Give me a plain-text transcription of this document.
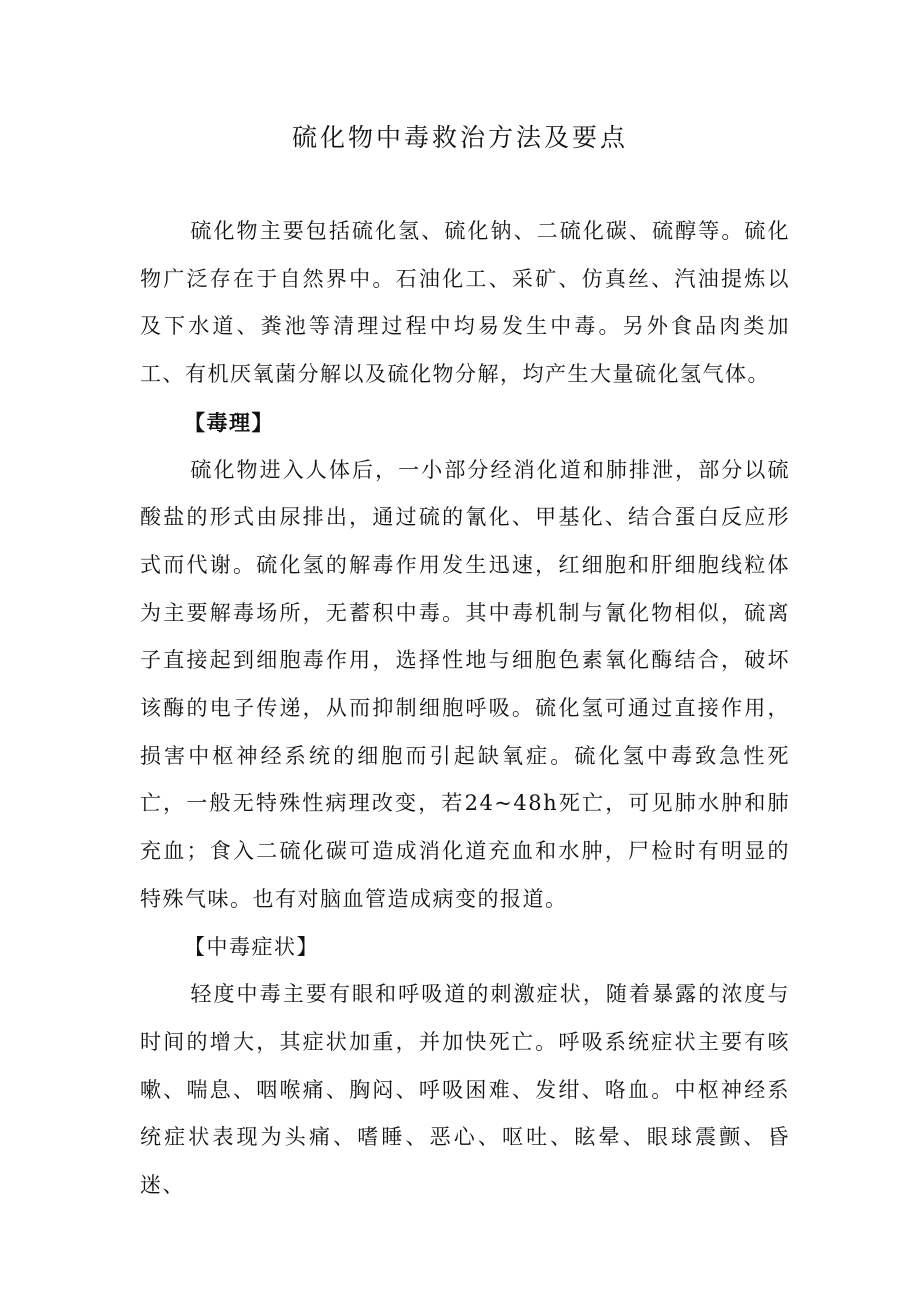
硫化物中毒救治方法及要点

硫化物主要包括硫化氢、硫化钠、二硫化碳、硫醇等。硫化物广泛存在于自然界中。石油化工、采矿、仿真丝、汽油提炼以及下水道、粪池等清理过程中均易发生中毒。另外食品肉类加工、有机厌氧菌分解以及硫化物分解，均产生大量硫化氢气体。

【毒理】

硫化物进入人体后，一小部分经消化道和肺排泄，部分以硫酸盐的形式由尿排出，通过硫的氰化、甲基化、结合蛋白反应形式而代谢。硫化氢的解毒作用发生迅速，红细胞和肝细胞线粒体为主要解毒场所，无蓄积中毒。其中毒机制与氰化物相似，硫离子直接起到细胞毒作用，选择性地与细胞色素氧化酶结合，破坏该酶的电子传递，从而抑制细胞呼吸。硫化氢可通过直接作用，损害中枢神经系统的细胞而引起缺氧症。硫化氢中毒致急性死亡，一般无特殊性病理改变，若24~48h死亡，可见肺水肿和肺充血；食入二硫化碳可造成消化道充血和水肿，尸检时有明显的特殊气味。也有对脑血管造成病变的报道。

【中毒症状】

轻度中毒主要有眼和呼吸道的刺激症状，随着暴露的浓度与时间的增大，其症状加重，并加快死亡。呼吸系统症状主要有咳嗽、喘息、咽喉痛、胸闷、呼吸困难、发绀、咯血。中枢神经系统症状表现为头痛、嗜睡、恶心、呕吐、眩晕、眼球震颤、昏迷、
